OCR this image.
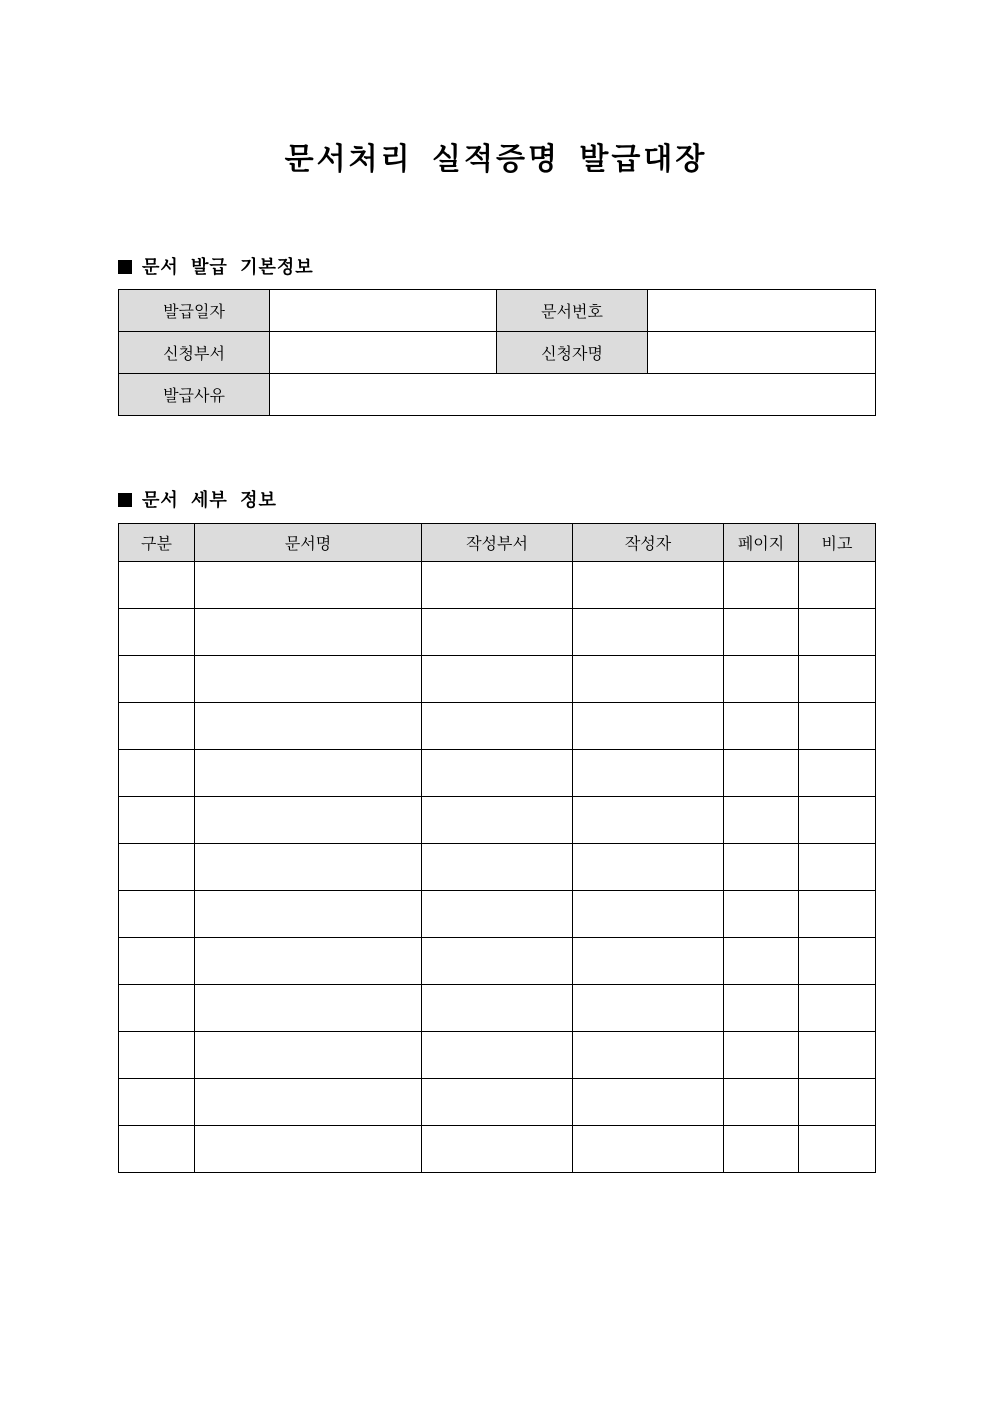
문서처리 실적증명 발급대장
문서 발급 기본정보
발급일자		문서번호	
신청부서		신청자명	
발급사유			
문서 세부 정보
구분	문서명	작성부서	작성자	페이지	비고
